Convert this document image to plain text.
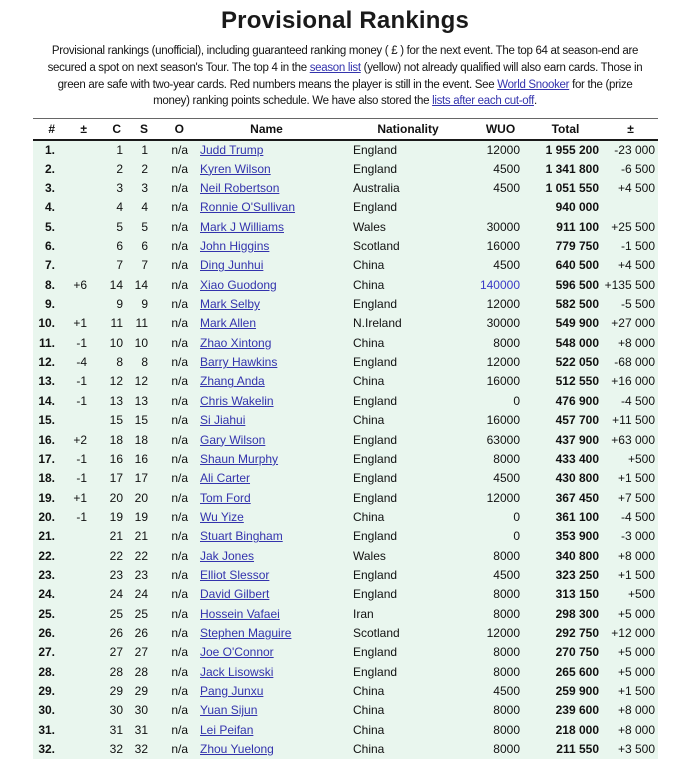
Provisional Rankings

Provisional rankings (unofficial), including guaranteed ranking money ( £ ) for the next event. The top 64 at season-end are
secured a spot on next season's Tour. The top 4 in the season list (yellow) not already qualified will also earn cards. Those in
green are safe with two-year cards. Red numbers means the player is still in the event. See World Snooker for the (prize
money) ranking points schedule. We have also stored the lists after each cut-off.

#	±	C	S	O	Name	Nationality	WUO	Total	±
1.		1	1	n/a	Judd Trump	England	12000	1 955 200	-23 000
2.		2	2	n/a	Kyren Wilson	England	4500	1 341 800	-6 500
3.		3	3	n/a	Neil Robertson	Australia	4500	1 051 550	+4 500
4.		4	4	n/a	Ronnie O'Sullivan	England		940 000	
5.		5	5	n/a	Mark J Williams	Wales	30000	911 100	+25 500
6.		6	6	n/a	John Higgins	Scotland	16000	779 750	-1 500
7.		7	7	n/a	Ding Junhui	China	4500	640 500	+4 500
8.	+6	14	14	n/a	Xiao Guodong	China	140000	596 500	+135 500
9.		9	9	n/a	Mark Selby	England	12000	582 500	-5 500
10.	+1	11	11	n/a	Mark Allen	N.Ireland	30000	549 900	+27 000
11.	-1	10	10	n/a	Zhao Xintong	China	8000	548 000	+8 000
12.	-4	8	8	n/a	Barry Hawkins	England	12000	522 050	-68 000
13.	-1	12	12	n/a	Zhang Anda	China	16000	512 550	+16 000
14.	-1	13	13	n/a	Chris Wakelin	England	0	476 900	-4 500
15.		15	15	n/a	Si Jiahui	China	16000	457 700	+11 500
16.	+2	18	18	n/a	Gary Wilson	England	63000	437 900	+63 000
17.	-1	16	16	n/a	Shaun Murphy	England	8000	433 400	+500
18.	-1	17	17	n/a	Ali Carter	England	4500	430 800	+1 500
19.	+1	20	20	n/a	Tom Ford	England	12000	367 450	+7 500
20.	-1	19	19	n/a	Wu Yize	China	0	361 100	-4 500
21.		21	21	n/a	Stuart Bingham	England	0	353 900	-3 000
22.		22	22	n/a	Jak Jones	Wales	8000	340 800	+8 000
23.		23	23	n/a	Elliot Slessor	England	4500	323 250	+1 500
24.		24	24	n/a	David Gilbert	England	8000	313 150	+500
25.		25	25	n/a	Hossein Vafaei	Iran	8000	298 300	+5 000
26.		26	26	n/a	Stephen Maguire	Scotland	12000	292 750	+12 000
27.		27	27	n/a	Joe O'Connor	England	8000	270 750	+5 000
28.		28	28	n/a	Jack Lisowski	England	8000	265 600	+5 000
29.		29	29	n/a	Pang Junxu	China	4500	259 900	+1 500
30.		30	30	n/a	Yuan Sijun	China	8000	239 600	+8 000
31.		31	31	n/a	Lei Peifan	China	8000	218 000	+8 000
32.		32	32	n/a	Zhou Yuelong	China	8000	211 550	+3 500
